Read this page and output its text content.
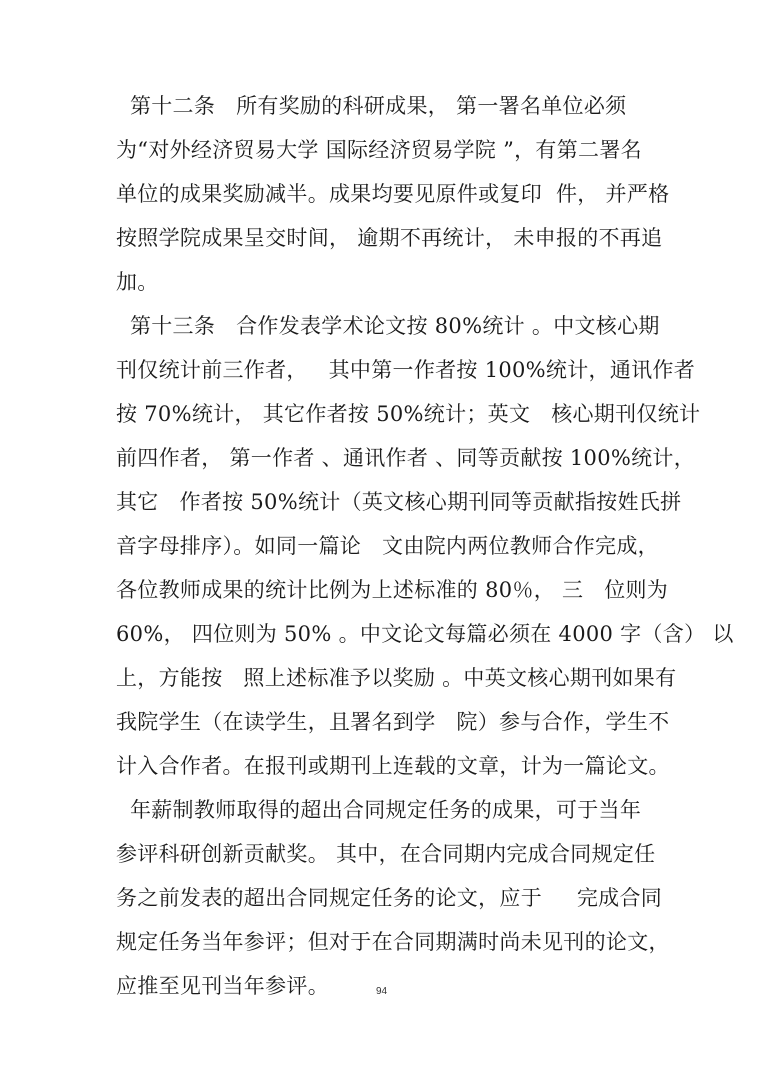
第十二条   所有奖励的科研成果， 第一署名单位必须
为“对外经济贸易大学 国际经济贸易学院 ”，有第二署名
单位的成果奖励减半。成果均要见原件或复印  件， 并严格
按照学院成果呈交时间， 逾期不再统计， 未申报的不再追
加。
第十三条   合作发表学术论文按 80%统计 。中文核心期
刊仅统计前三作者，   其中第一作者按 100%统计，通讯作者
按 70%统计， 其它作者按 50%统计；英文   核心期刊仅统计
前四作者， 第一作者 、通讯作者 、同等贡献按 100%统计，
其它   作者按 50%统计（英文核心期刊同等贡献指按姓氏拼
音字母排序）。如同一篇论   文由院内两位教师合作完成，
各位教师成果的统计比例为上述标准的 80％， 三   位则为
60%， 四位则为 50% 。中文论文每篇必须在 4000 字（含） 以
上，方能按   照上述标准予以奖励 。中英文核心期刊如果有
我院学生（在读学生，且署名到学   院）参与合作，学生不
计入合作者。在报刊或期刊上连载的文章，计为一篇论文。
年薪制教师取得的超出合同规定任务的成果，可于当年
参评科研创新贡献奖。 其中，在合同期内完成合同规定任
务之前发表的超出合同规定任务的论文，应于     完成合同
规定任务当年参评；但对于在合同期满时尚未见刊的论文，
应推至见刊当年参评。	94
